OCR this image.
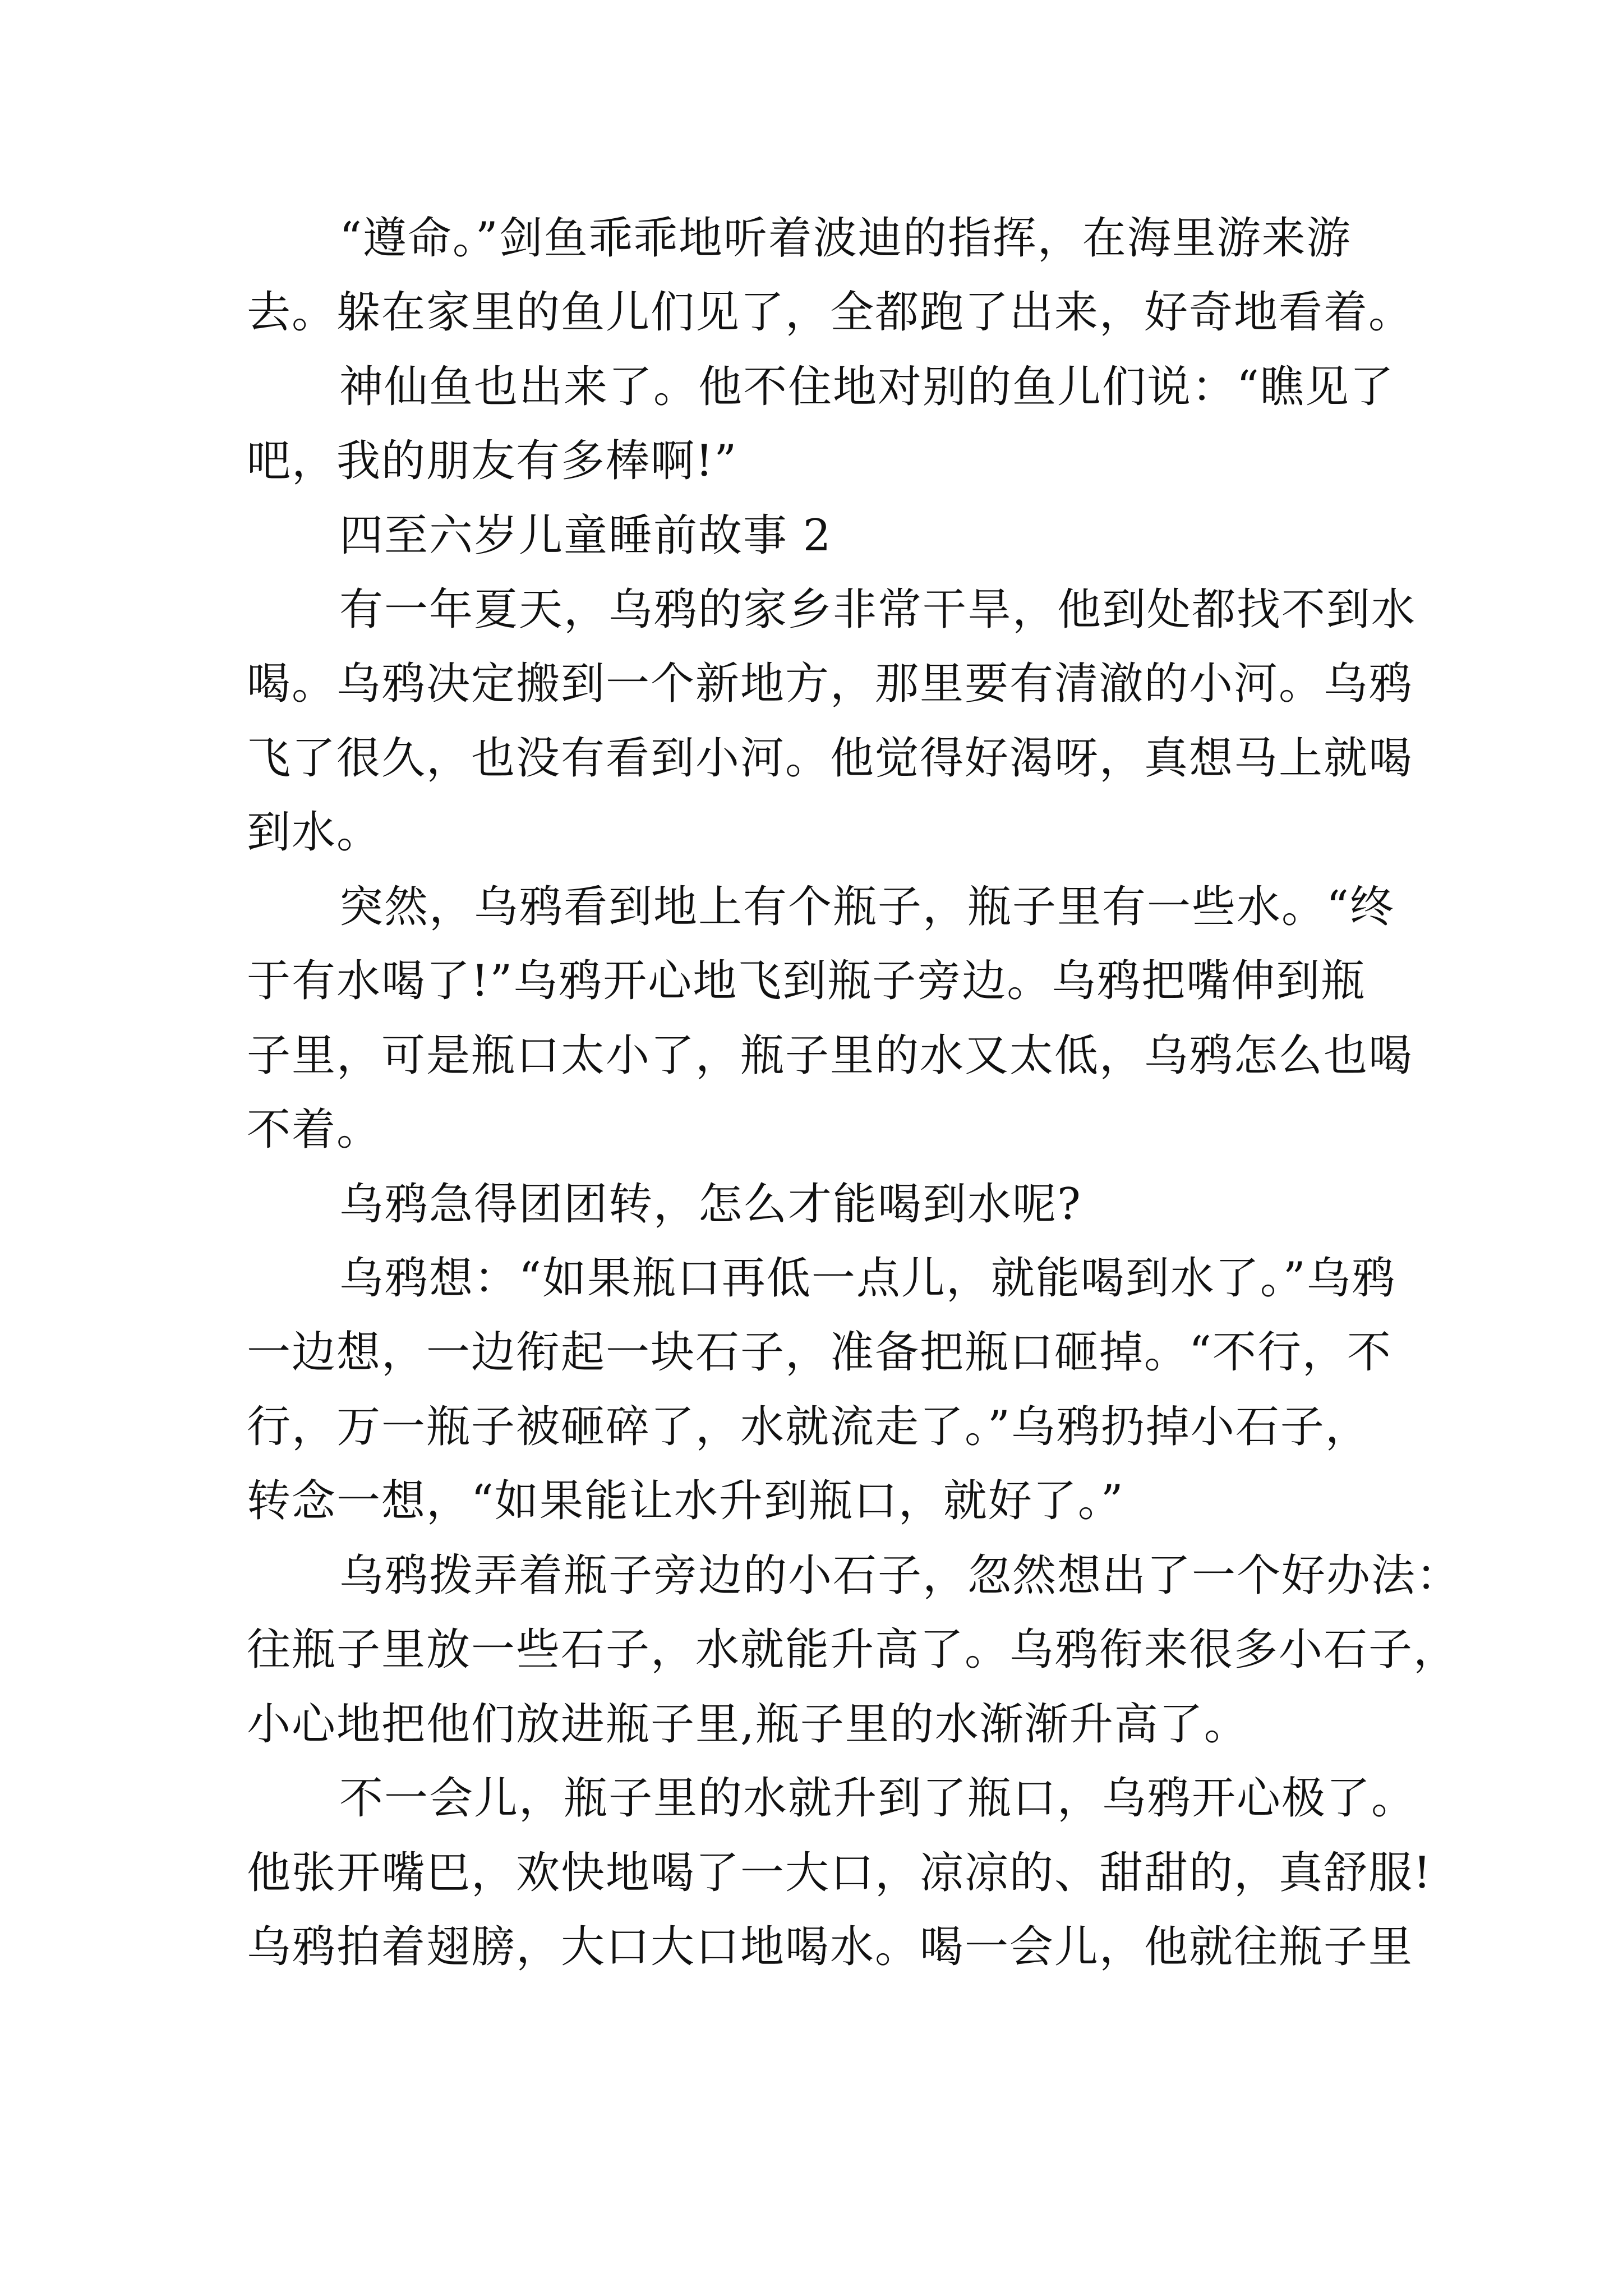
“遵命。”剑鱼乖乖地听着波迪的指挥，在海里游来游
去。躲在家里的鱼儿们见了，全都跑了出来，好奇地看着。
神仙鱼也出来了。他不住地对别的鱼儿们说：“瞧见了
吧，我的朋友有多棒啊!”
四至六岁儿童睡前故事 2
有一年夏天，乌鸦的家乡非常干旱，他到处都找不到水
喝。乌鸦决定搬到一个新地方，那里要有清澈的小河。乌鸦
飞了很久，也没有看到小河。他觉得好渴呀，真想马上就喝
到水。
突然，乌鸦看到地上有个瓶子，瓶子里有一些水。“终
于有水喝了!”乌鸦开心地飞到瓶子旁边。乌鸦把嘴伸到瓶
子里，可是瓶口太小了，瓶子里的水又太低，乌鸦怎么也喝
不着。
乌鸦急得团团转，怎么才能喝到水呢?
乌鸦想：“如果瓶口再低一点儿，就能喝到水了。”乌鸦
一边想，一边衔起一块石子，准备把瓶口砸掉。“不行，不
行，万一瓶子被砸碎了，水就流走了。”乌鸦扔掉小石子，
转念一想，“如果能让水升到瓶口，就好了。”
乌鸦拨弄着瓶子旁边的小石子，忽然想出了一个好办法：
往瓶子里放一些石子，水就能升高了。乌鸦衔来很多小石子，
小心地把他们放进瓶子里,瓶子里的水渐渐升高了。
不一会儿，瓶子里的水就升到了瓶口，乌鸦开心极了。
他张开嘴巴，欢快地喝了一大口，凉凉的、甜甜的，真舒服!
乌鸦拍着翅膀，大口大口地喝水。喝一会儿，他就往瓶子里
